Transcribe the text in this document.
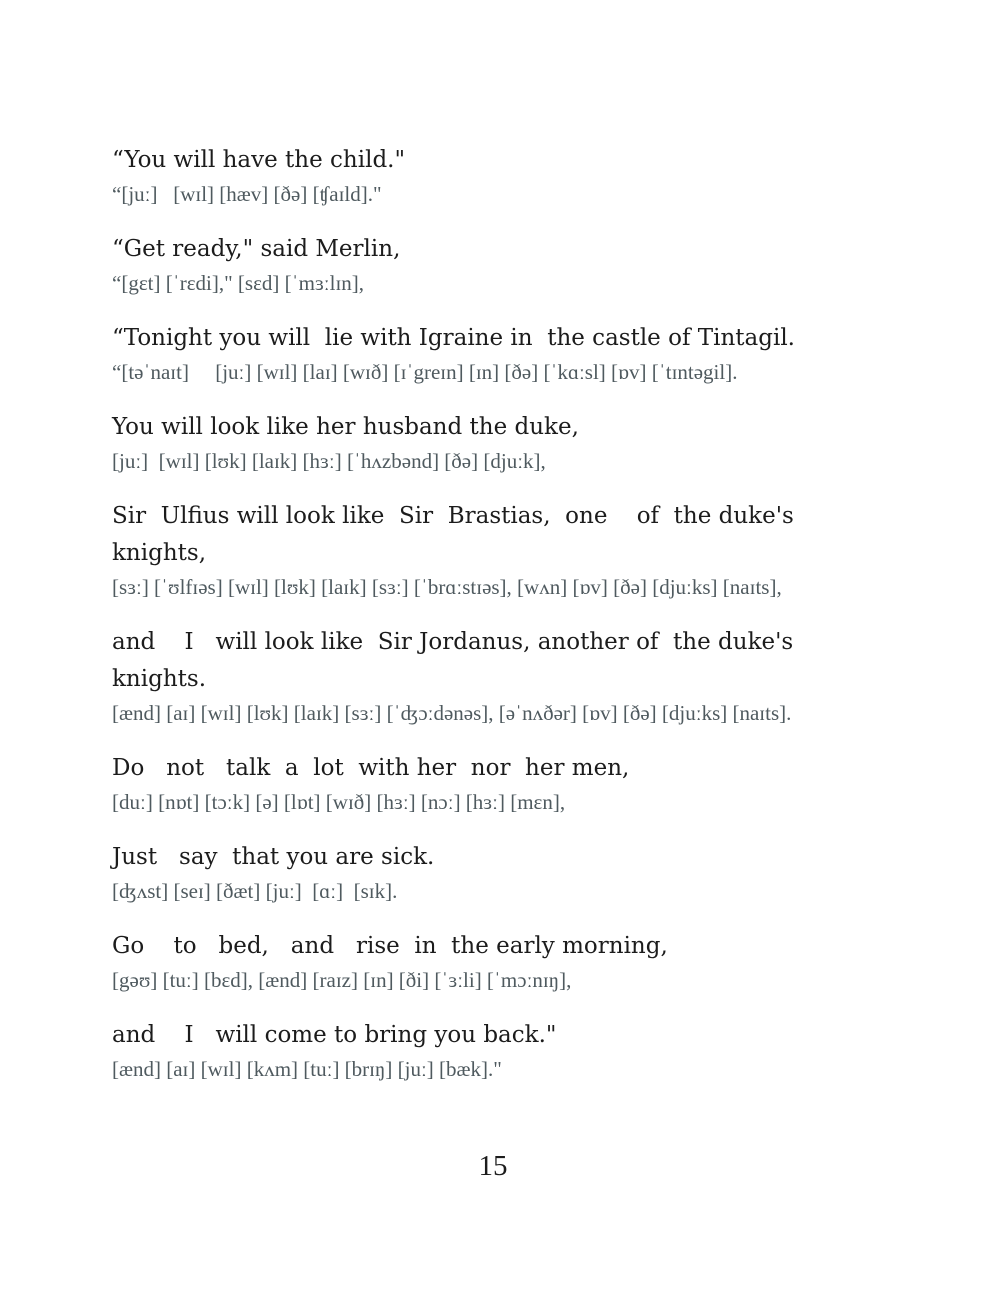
“You will have the child."

“[juː]   [wɪl] [hæv] [ðə] [ʧaɪld]."

“Get ready," said Merlin,

“[gɛt] [ˈrɛdi]," [sɛd] [ˈmɜːlɪn],

“Tonight you will  lie with Igraine in  the castle of Tintagil.

“[təˈnaɪt]     [juː] [wɪl] [laɪ] [wɪð] [ɪˈgreɪn] [ɪn] [ðə] [ˈkɑːsl] [ɒv] [ˈtɪntəgil].

You will look like her husband the duke,

[juː]  [wɪl] [lʊk] [laɪk] [hɜː] [ˈhʌzbənd] [ðə] [djuːk],

Sir  Ulfius will look like  Sir  Brastias,  one    of  the duke's knights,

[sɜː] [ˈʊlfɪəs] [wɪl] [lʊk] [laɪk] [sɜː] [ˈbrɑːstɪəs], [wʌn] [ɒv] [ðə] [djuːks] [naɪts],

and    I   will look like  Sir Jordanus, another of  the duke's knights.

[ænd] [aɪ] [wɪl] [lʊk] [laɪk] [sɜː] [ˈʤɔːdənəs], [əˈnʌðər] [ɒv] [ðə] [djuːks] [naɪts].

Do   not   talk  a  lot  with her  nor  her men,

[duː] [nɒt] [tɔːk] [ə] [lɒt] [wɪð] [hɜː] [nɔː] [hɜː] [mɛn],

Just   say  that you are sick.

[ʤʌst] [seɪ] [ðæt] [juː]  [ɑː]  [sɪk].

Go    to   bed,   and   rise  in  the early morning,

[gəʊ] [tuː] [bɛd], [ænd] [raɪz] [ɪn] [ði] [ˈɜːli] [ˈmɔːnɪŋ],

and    I   will come to bring you back."

[ænd] [aɪ] [wɪl] [kʌm] [tuː] [brɪŋ] [juː] [bæk]."

15
